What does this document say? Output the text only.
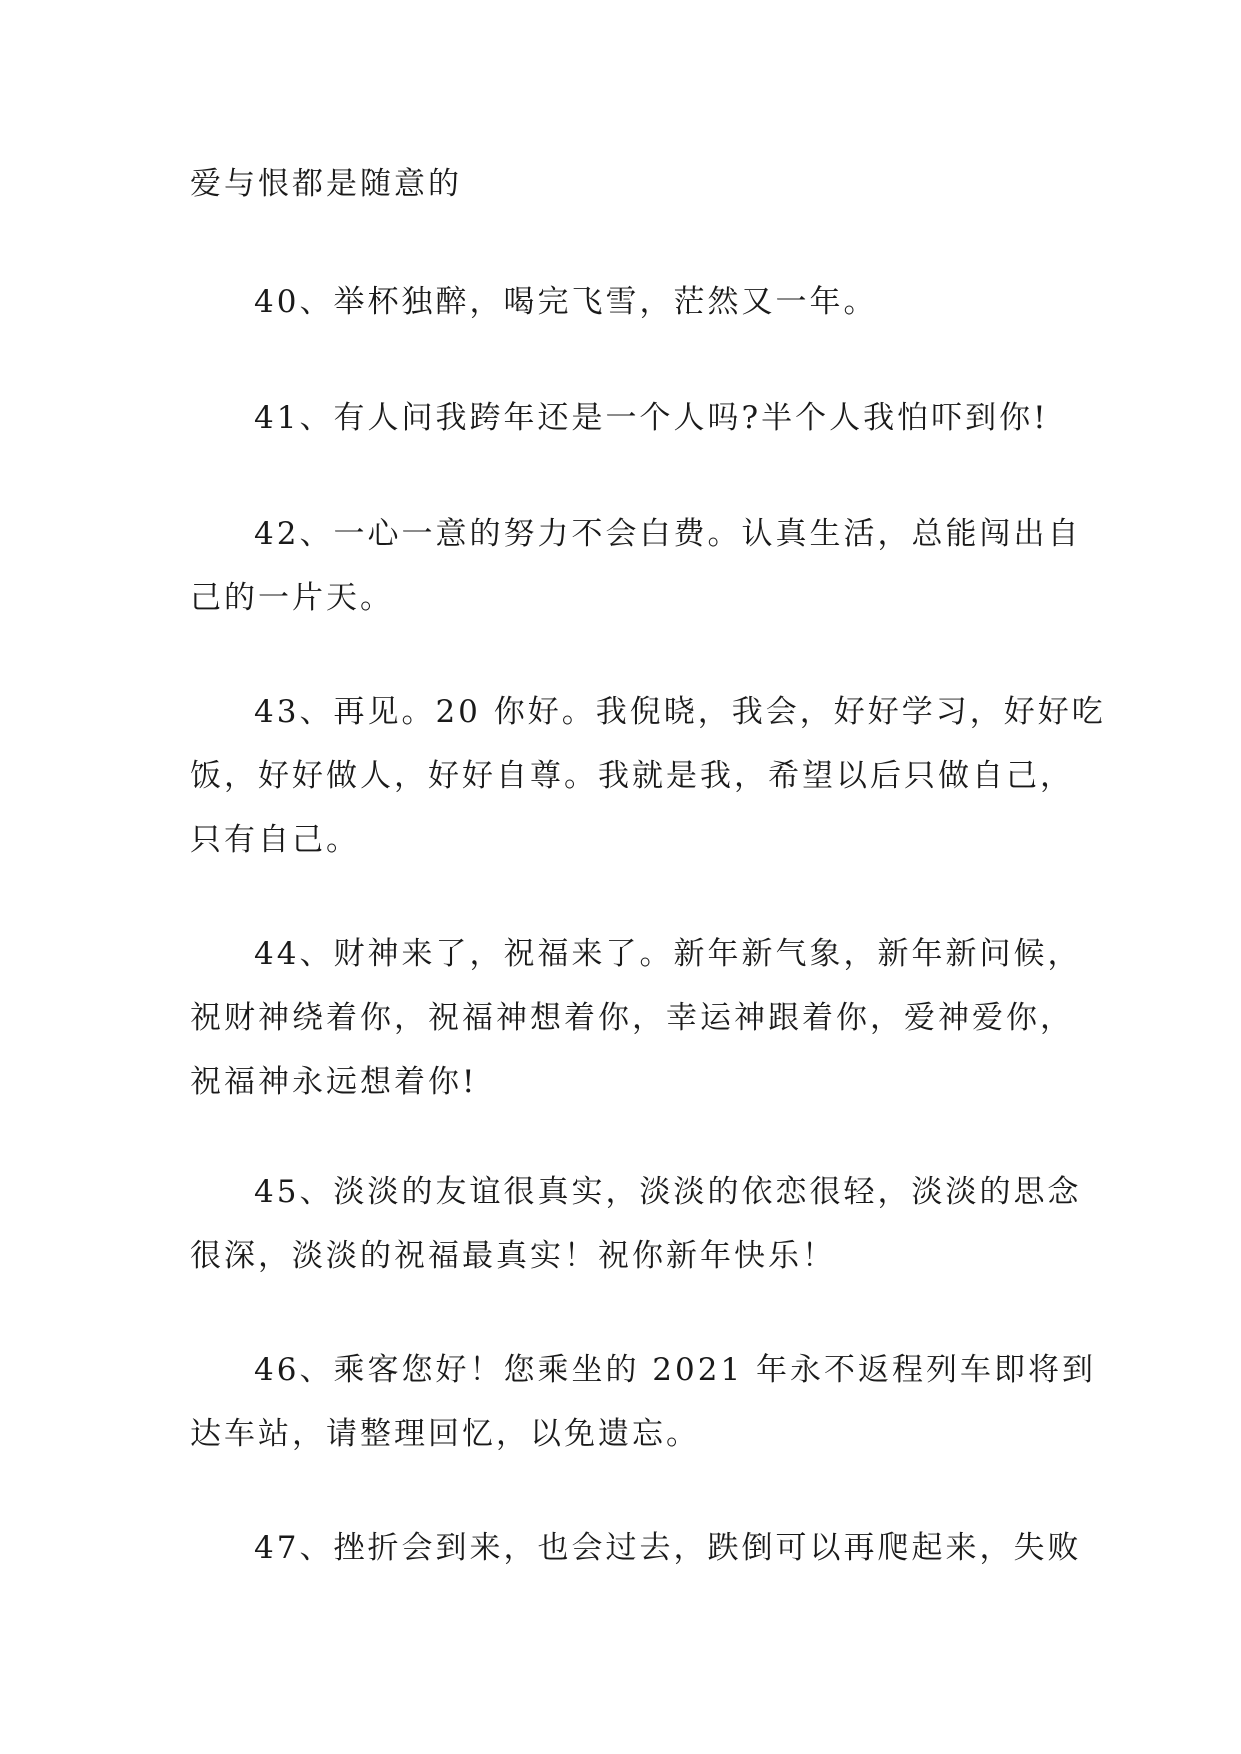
爱与恨都是随意的
40、举杯独醉，喝完飞雪，茫然又一年。
41、有人问我跨年还是一个人吗?半个人我怕吓到你!
42、一心一意的努力不会白费。认真生活，总能闯出自
己的一片天。
43、再见。20 你好。我倪晓，我会，好好学习，好好吃
饭，好好做人，好好自尊。我就是我，希望以后只做自己，
只有自己。
44、财神来了，祝福来了。新年新气象，新年新问候，
祝财神绕着你，祝福神想着你，幸运神跟着你，爱神爱你，
祝福神永远想着你!
45、淡淡的友谊很真实，淡淡的依恋很轻，淡淡的思念
很深，淡淡的祝福最真实！祝你新年快乐！
46、乘客您好！您乘坐的 2021 年永不返程列车即将到
达车站，请整理回忆，以免遗忘。
47、挫折会到来，也会过去，跌倒可以再爬起来，失败
